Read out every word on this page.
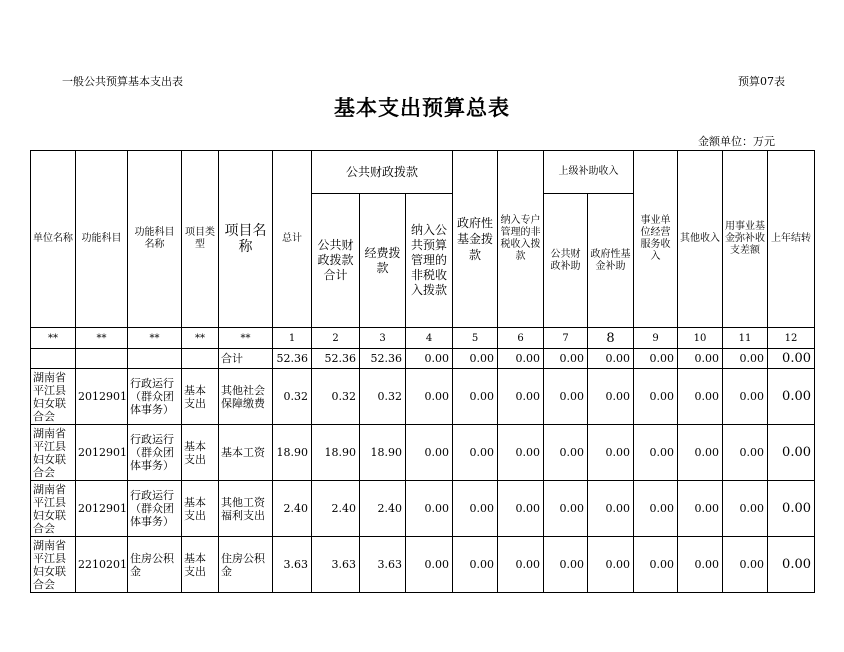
一般公共预算基本支出表	预算07表
基本支出预算总表
金额单位：万元
单位名称	功能科目	功能科目名称	项目类型	项目名称	总计	公共财政拨款			政府性基金拨款	纳入专户管理的非税收入拨款	上级补助收入		事业单位经营服务收入	其他收入	用事业基金弥补收支差额	上年结转
						公共财政拨款合计	经费拨款	纳入公共预算管理的非税收入拨款			公共财政补助	政府性基金补助				
**	**	**	**	**	1	2	3	4	5	6	7	8	9	10	11	12
				合计	52.36	52.36	52.36	0.00	0.00	0.00	0.00	0.00	0.00	0.00	0.00	0.00
湖南省平江县妇女联合会	2012901	行政运行（群众团体事务）	基本支出	其他社会保障缴费	0.32	0.32	0.32	0.00	0.00	0.00	0.00	0.00	0.00	0.00	0.00	0.00
湖南省平江县妇女联合会	2012901	行政运行（群众团体事务）	基本支出	基本工资	18.90	18.90	18.90	0.00	0.00	0.00	0.00	0.00	0.00	0.00	0.00	0.00
湖南省平江县妇女联合会	2012901	行政运行（群众团体事务）	基本支出	其他工资福利支出	2.40	2.40	2.40	0.00	0.00	0.00	0.00	0.00	0.00	0.00	0.00	0.00
湖南省平江县妇女联合会	2210201	住房公积金	基本支出	住房公积金	3.63	3.63	3.63	0.00	0.00	0.00	0.00	0.00	0.00	0.00	0.00	0.00
